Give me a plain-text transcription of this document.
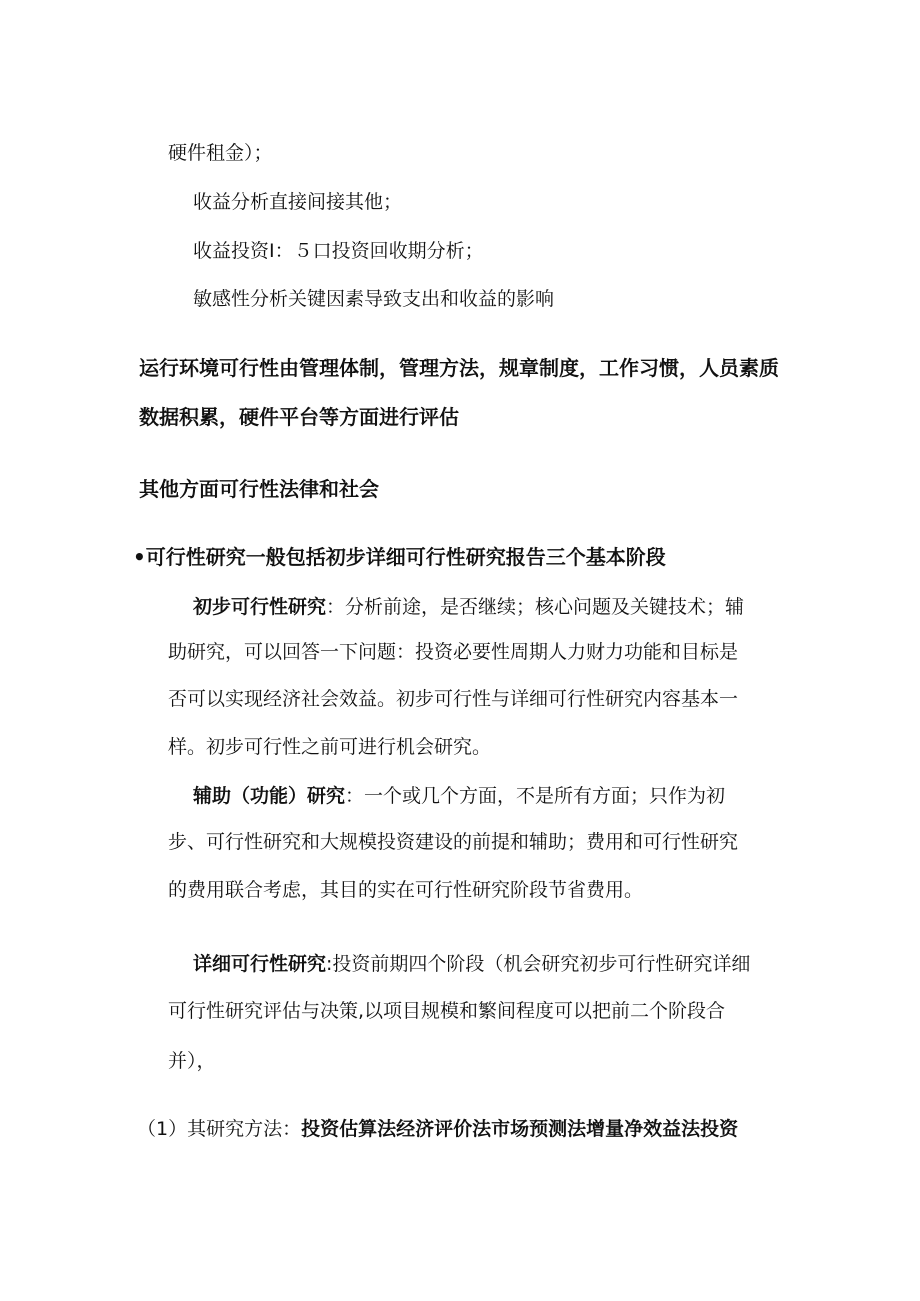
硬件租金）；
收益分析直接间接其他；
收益投资Ⅰ：５口投资回收期分析；
敏感性分析关键因素导致支出和收益的影响
运行环境可行性由管理体制，管理方法，规章制度，工作习惯，人员素质
数据积累，硬件平台等方面进行评估
其他方面可行性法律和社会
•可行性研究一般包括初步详细可行性研究报告三个基本阶段
初步可行性研究：分析前途，是否继续；核心问题及关键技术；辅
助研究，可以回答一下问题：投资必要性周期人力财力功能和目标是
否可以实现经济社会效益。初步可行性与详细可行性研究内容基本一
样。初步可行性之前可进行机会研究。
辅助（功能）研究：一个或几个方面，不是所有方面；只作为初
步、可行性研究和大规模投资建设的前提和辅助；费用和可行性研究
的费用联合考虑，其目的实在可行性研究阶段节省费用。
详细可行性研究:投资前期四个阶段（机会研究初步可行性研究详细
可行性研究评估与决策,以项目规模和繁间程度可以把前二个阶段合
并），
（1）其研究方法：投资估算法经济评价法市场预测法增量净效益法投资
